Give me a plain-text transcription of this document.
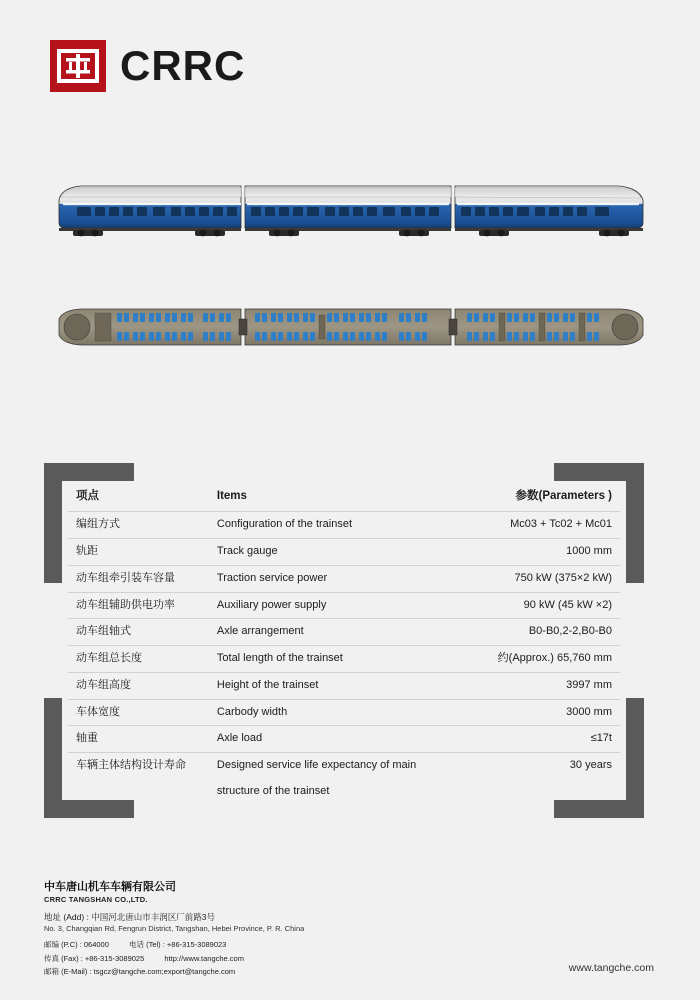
CRRC
项点	Items	参数(Parameters )
编组方式	Configuration of the trainset	Mc03 + Tc02 + Mc01
轨距	Track gauge	1000 mm
动车组牵引装车容量	Traction service power	750 kW (375×2 kW)
动车组辅助供电功率	Auxiliary power supply	90 kW (45 kW ×2)
动车组轴式	Axle arrangement	B0-B0,2-2,B0-B0
动车组总长度	Total length of the trainset	约(Approx.) 65,760 mm
动车组高度	Height of the trainset	3997 mm
车体宽度	Carbody width	3000 mm
轴重	Axle load	≤17t
车辆主体结构设计寿命	Designed service life expectancy of main	30 years
	structure of the trainset	
中车唐山机车车辆有限公司
CRRC TANGSHAN CO.,LTD.
地址 (Add) : 中国河北唐山市丰润区厂前路3号
No. 3, Changqian Rd, Fengrun District, Tangshan, Hebei Province, P. R. China
邮编 (P.C) : 064000	电话 (Tel) : +86-315-3089023
传真 (Fax) : +86-315-3089025	http://www.tangche.com
邮箱 (E-Mail) : tsgcz@tangche.com;export@tangche.com	www.tangche.com
